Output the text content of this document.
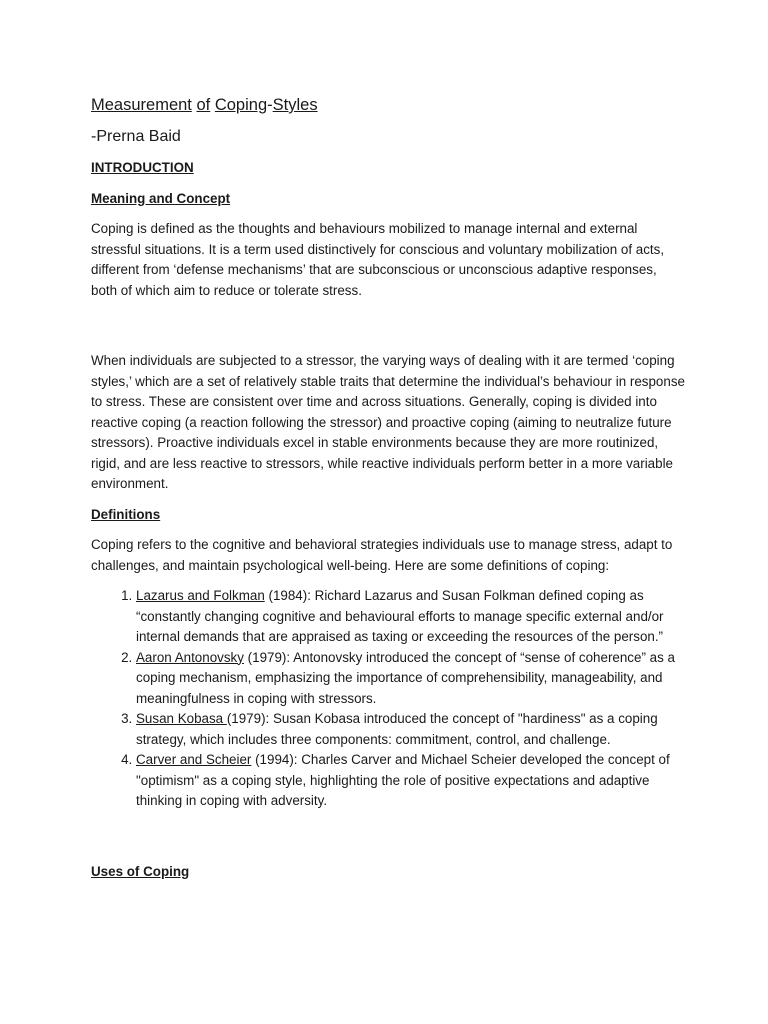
Measurement of Coping-Styles
-Prerna Baid
INTRODUCTION
Meaning and Concept

Coping is defined as the thoughts and behaviours mobilized to manage internal and external stressful situations. It is a term used distinctively for conscious and voluntary mobilization of acts, different from ‘defense mechanisms’ that are subconscious or unconscious adaptive responses, both of which aim to reduce or tolerate stress.

When individuals are subjected to a stressor, the varying ways of dealing with it are termed ‘coping styles,’ which are a set of relatively stable traits that determine the individual’s behaviour in response to stress. These are consistent over time and across situations. Generally, coping is divided into reactive coping (a reaction following the stressor) and proactive coping (aiming to neutralize future stressors). Proactive individuals excel in stable environments because they are more routinized, rigid, and are less reactive to stressors, while reactive individuals perform better in a more variable environment.

Definitions

Coping refers to the cognitive and behavioral strategies individuals use to manage stress, adapt to challenges, and maintain psychological well-being. Here are some definitions of coping:

1. Lazarus and Folkman (1984): Richard Lazarus and Susan Folkman defined coping as “constantly changing cognitive and behavioural efforts to manage specific external and/or internal demands that are appraised as taxing or exceeding the resources of the person.”
2. Aaron Antonovsky (1979): Antonovsky introduced the concept of “sense of coherence” as a coping mechanism, emphasizing the importance of comprehensibility, manageability, and meaningfulness in coping with stressors.
3. Susan Kobasa (1979): Susan Kobasa introduced the concept of "hardiness" as a coping strategy, which includes three components: commitment, control, and challenge.
4. Carver and Scheier (1994): Charles Carver and Michael Scheier developed the concept of "optimism" as a coping style, highlighting the role of positive expectations and adaptive thinking in coping with adversity.
Uses of Coping
